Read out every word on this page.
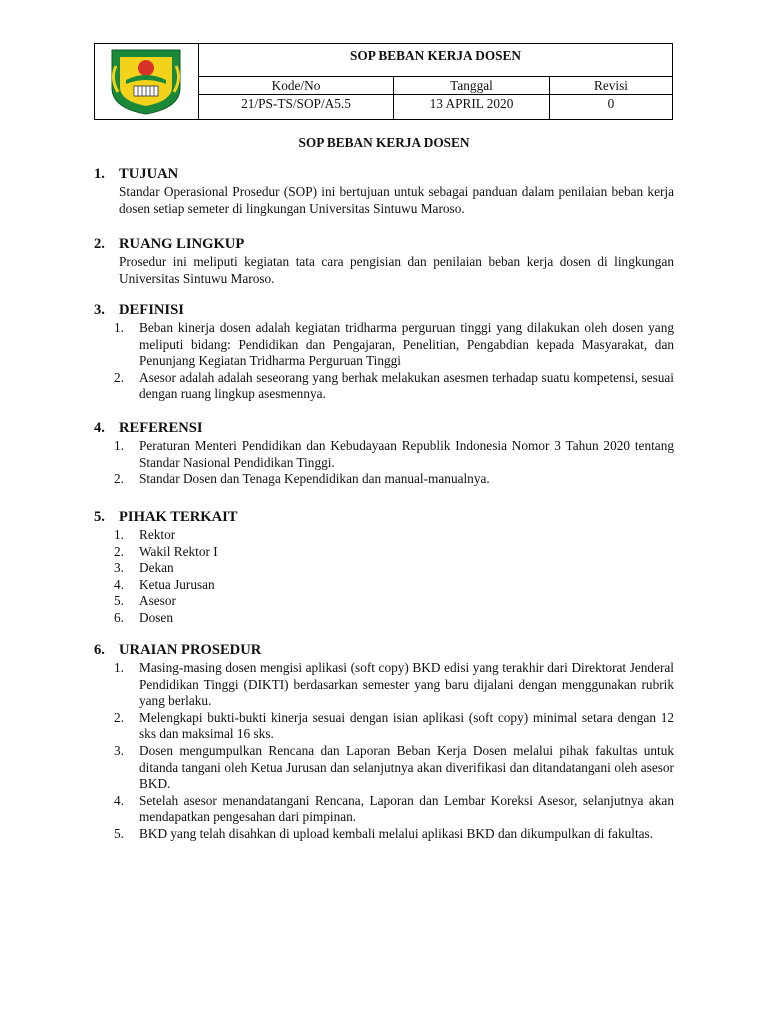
SOP BEBAN KERJA DOSEN
Kode/No	Tanggal	Revisi
21/PS-TS/SOP/A5.5	13 APRIL 2020	0
SOP BEBAN KERJA DOSEN
1. TUJUAN

Standar Operasional Prosedur (SOP) ini bertujuan untuk sebagai panduan dalam penilaian beban kerja dosen setiap semeter di lingkungan Universitas Sintuwu Maroso.

2. RUANG LINGKUP

Prosedur ini meliputi kegiatan tata cara pengisian dan penilaian beban kerja dosen di lingkungan Universitas Sintuwu Maroso.

3. DEFINISI
1.	Beban kinerja dosen adalah kegiatan tridharma perguruan tinggi yang dilakukan oleh dosen yang meliputi bidang: Pendidikan dan Pengajaran, Penelitian, Pengabdian kepada Masyarakat, dan Penunjang Kegiatan Tridharma Perguruan Tinggi
2.	Asesor adalah adalah seseorang yang berhak melakukan asesmen terhadap suatu kompetensi, sesuai dengan ruang lingkup asesmennya.
4. REFERENSI
1.	Peraturan Menteri Pendidikan dan Kebudayaan Republik Indonesia Nomor 3 Tahun 2020 tentang Standar Nasional Pendidikan Tinggi.
2.	Standar Dosen dan Tenaga Kependidikan dan manual-manualnya.
5. PIHAK TERKAIT
1.	Rektor
2.	Wakil Rektor I
3.	Dekan
4.	Ketua Jurusan
5.	Asesor
6.	Dosen
6. URAIAN PROSEDUR
1.	Masing-masing dosen mengisi aplikasi (soft copy) BKD edisi yang terakhir dari Direktorat Jenderal Pendidikan Tinggi (DIKTI) berdasarkan semester yang baru dijalani dengan menggunakan rubrik yang berlaku.
2.	Melengkapi bukti-bukti kinerja sesuai dengan isian aplikasi (soft copy) minimal setara dengan 12 sks dan maksimal 16 sks.
3.	Dosen mengumpulkan Rencana dan Laporan Beban Kerja Dosen melalui pihak fakultas untuk ditanda tangani oleh Ketua Jurusan dan selanjutnya akan diverifikasi dan ditandatangani oleh asesor BKD.
4.	Setelah asesor menandatangani Rencana, Laporan dan Lembar Koreksi Asesor, selanjutnya akan mendapatkan pengesahan dari pimpinan.
5.	BKD yang telah disahkan di upload kembali melalui aplikasi BKD dan dikumpulkan di fakultas.
